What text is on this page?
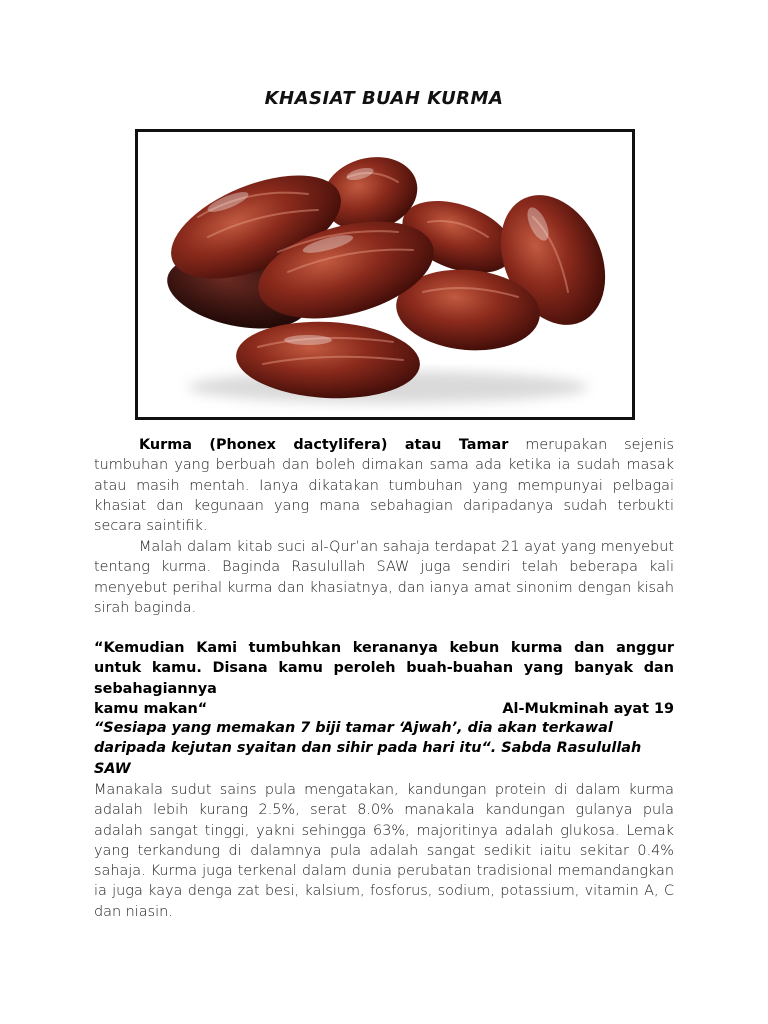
KHASIAT BUAH KURMA

Kurma (Phonex dactylifera) atau Tamar merupakan sejenis tumbuhan yang berbuah dan boleh dimakan sama ada ketika ia sudah masak atau masih mentah. Ianya dikatakan tumbuhan yang mempunyai pelbagai khasiat dan kegunaan yang mana sebahagian daripadanya sudah terbukti secara saintifik.

Malah dalam kitab suci al-Qur’an sahaja terdapat 21 ayat yang menyebut tentang kurma. Baginda Rasulullah SAW juga sendiri telah beberapa kali menyebut perihal kurma dan khasiatnya, dan ianya amat sinonim dengan kisah sirah baginda.

“Kemudian Kami tumbuhkan kerananya kebun kurma dan anggur untuk kamu. Disana kamu peroleh buah-buahan yang banyak dan sebahagiannya

kamu makan“	Al-Mukminah ayat 19

“Sesiapa yang memakan 7 biji tamar ‘Ajwah’, dia akan terkawal daripada kejutan syaitan dan sihir pada hari itu“. Sabda Rasulullah SAW

Manakala sudut sains pula mengatakan, kandungan protein di dalam kurma adalah lebih kurang 2.5%, serat 8.0% manakala kandungan gulanya pula adalah sangat tinggi, yakni sehingga 63%, majoritinya adalah glukosa. Lemak yang terkandung di dalamnya pula adalah sangat sedikit iaitu sekitar 0.4% sahaja. Kurma juga terkenal dalam dunia perubatan tradisional memandangkan ia juga kaya denga zat besi, kalsium, fosforus, sodium, potassium, vitamin A, C dan niasin.
